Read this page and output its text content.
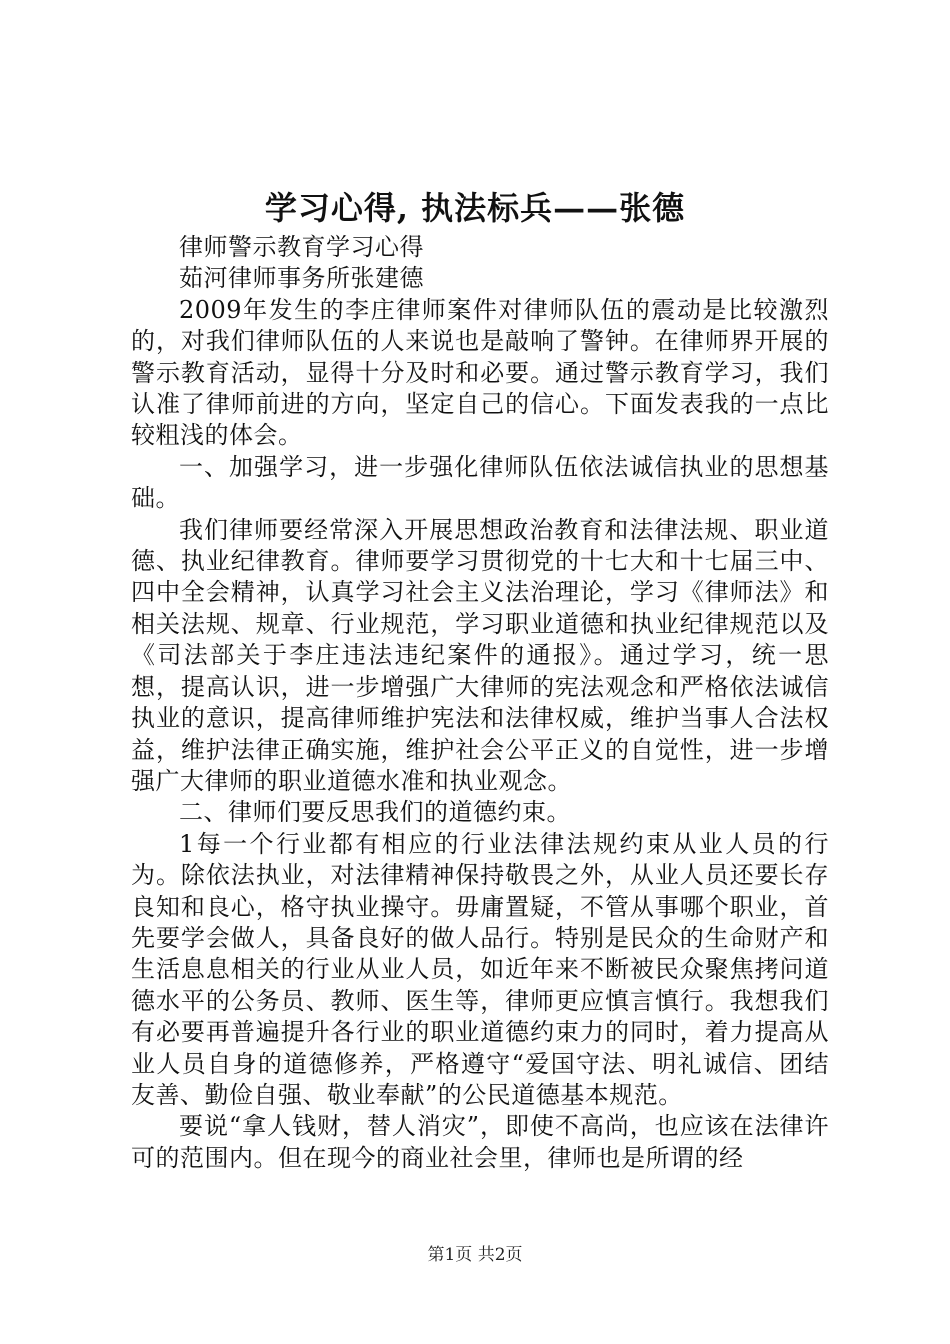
学习心得, 执法标兵——张德

律师警示教育学习心得

茹河律师事务所张建德

2009年发生的李庄律师案件对律师队伍的震动是比较激烈的，对我们律师队伍的人来说也是敲响了警钟。在律师界开展的警示教育活动，显得十分及时和必要。通过警示教育学习，我们认准了律师前进的方向，坚定自己的信心。下面发表我的一点比较粗浅的体会。

一、加强学习，进一步强化律师队伍依法诚信执业的思想基础。

我们律师要经常深入开展思想政治教育和法律法规、职业道德、执业纪律教育。律师要学习贯彻党的十七大和十七届三中、四中全会精神，认真学习社会主义法治理论，学习《律师法》和相关法规、规章、行业规范，学习职业道德和执业纪律规范以及《司法部关于李庄违法违纪案件的通报》。通过学习，统一思想，提高认识，进一步增强广大律师的宪法观念和严格依法诚信执业的意识，提高律师维护宪法和法律权威，维护当事人合法权益，维护法律正确实施，维护社会公平正义的自觉性，进一步增强广大律师的职业道德水准和执业观念。

二、律师们要反思我们的道德约束。

1每一个行业都有相应的行业法律法规约束从业人员的行为。除依法执业，对法律精神保持敬畏之外，从业人员还要长存良知和良心，格守执业操守。毋庸置疑，不管从事哪个职业，首先要学会做人，具备良好的做人品行。特别是民众的生命财产和生活息息相关的行业从业人员，如近年来不断被民众聚焦拷问道德水平的公务员、教师、医生等，律师更应慎言慎行。我想我们有必要再普遍提升各行业的职业道德约束力的同时，着力提高从业人员自身的道德修养，严格遵守“爱国守法、明礼诚信、团结友善、勤俭自强、敬业奉献”的公民道德基本规范。

要说“拿人钱财，替人消灾”，即使不高尚，也应该在法律许可的范围内。但在现今的商业社会里，律师也是所谓的经

第1页 共2页
